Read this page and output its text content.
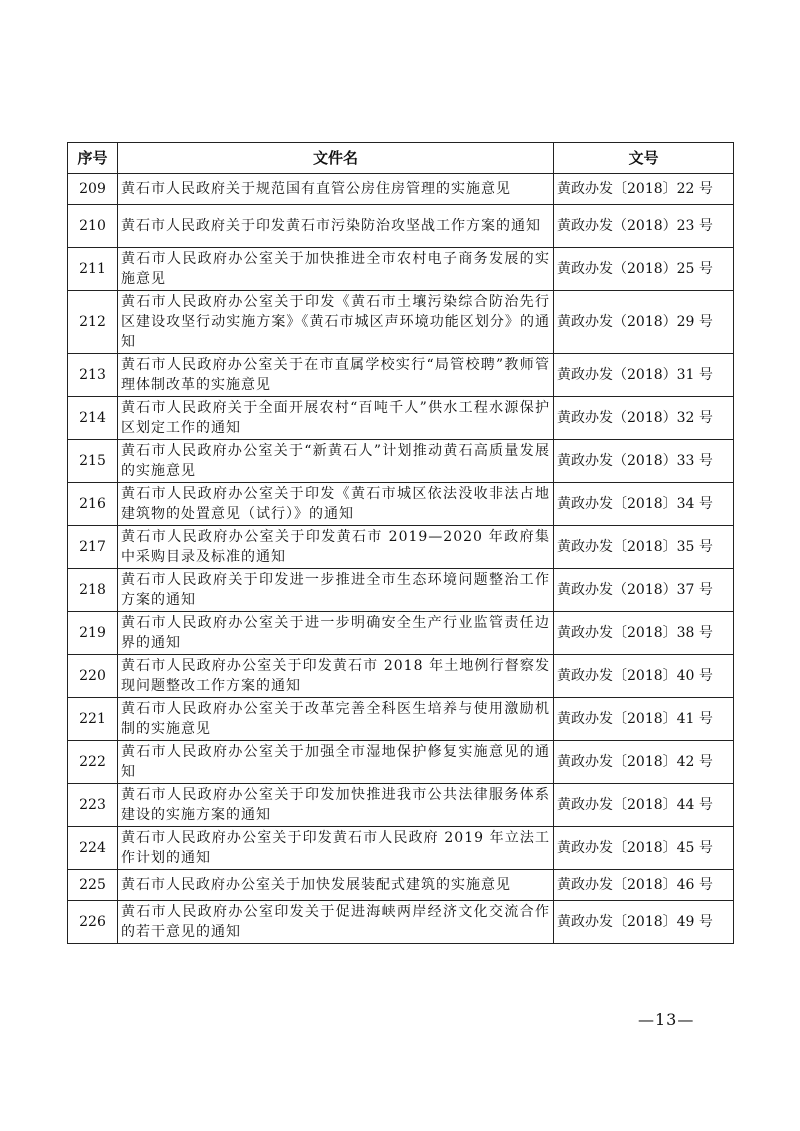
序号	文件名	文号
209	黄石市人民政府关于规范国有直管公房住房管理的实施意见	黄政办发〔2018〕22 号
210	黄石市人民政府关于印发黄石市污染防治攻坚战工作方案的通知	黄政办发（2018）23 号
211	黄石市人民政府办公室关于加快推进全市农村电子商务发展的实施意见	黄政办发（2018）25 号
212	黄石市人民政府办公室关于印发《黄石市土壤污染综合防治先行区建设攻坚行动实施方案》《黄石市城区声环境功能区划分》的通知	黄政办发（2018）29 号
213	黄石市人民政府办公室关于在市直属学校实行“局管校聘”教师管理体制改革的实施意见	黄政办发（2018）31 号
214	黄石市人民政府关于全面开展农村“百吨千人”供水工程水源保护区划定工作的通知	黄政办发（2018）32 号
215	黄石市人民政府办公室关于“新黄石人”计划推动黄石高质量发展的实施意见	黄政办发（2018）33 号
216	黄石市人民政府办公室关于印发《黄石市城区依法没收非法占地建筑物的处置意见（试行）》的通知	黄政办发〔2018〕34 号
217	黄石市人民政府办公室关于印发黄石市 2019—2020 年政府集中采购目录及标准的通知	黄政办发〔2018〕35 号
218	黄石市人民政府关于印发进一步推进全市生态环境问题整治工作方案的通知	黄政办发（2018）37 号
219	黄石市人民政府办公室关于进一步明确安全生产行业监管责任边界的通知	黄政办发〔2018〕38 号
220	黄石市人民政府办公室关于印发黄石市 2018 年土地例行督察发现问题整改工作方案的通知	黄政办发〔2018〕40 号
221	黄石市人民政府办公室关于改革完善全科医生培养与使用激励机制的实施意见	黄政办发〔2018〕41 号
222	黄石市人民政府办公室关于加强全市湿地保护修复实施意见的通知	黄政办发〔2018〕42 号
223	黄石市人民政府办公室关于印发加快推进我市公共法律服务体系建设的实施方案的通知	黄政办发〔2018〕44 号
224	黄石市人民政府办公室关于印发黄石市人民政府 2019 年立法工作计划的通知	黄政办发〔2018〕45 号
225	黄石市人民政府办公室关于加快发展装配式建筑的实施意见	黄政办发〔2018〕46 号
226	黄石市人民政府办公室印发关于促进海峡两岸经济文化交流合作的若干意见的通知	黄政办发〔2018〕49 号
—13—
